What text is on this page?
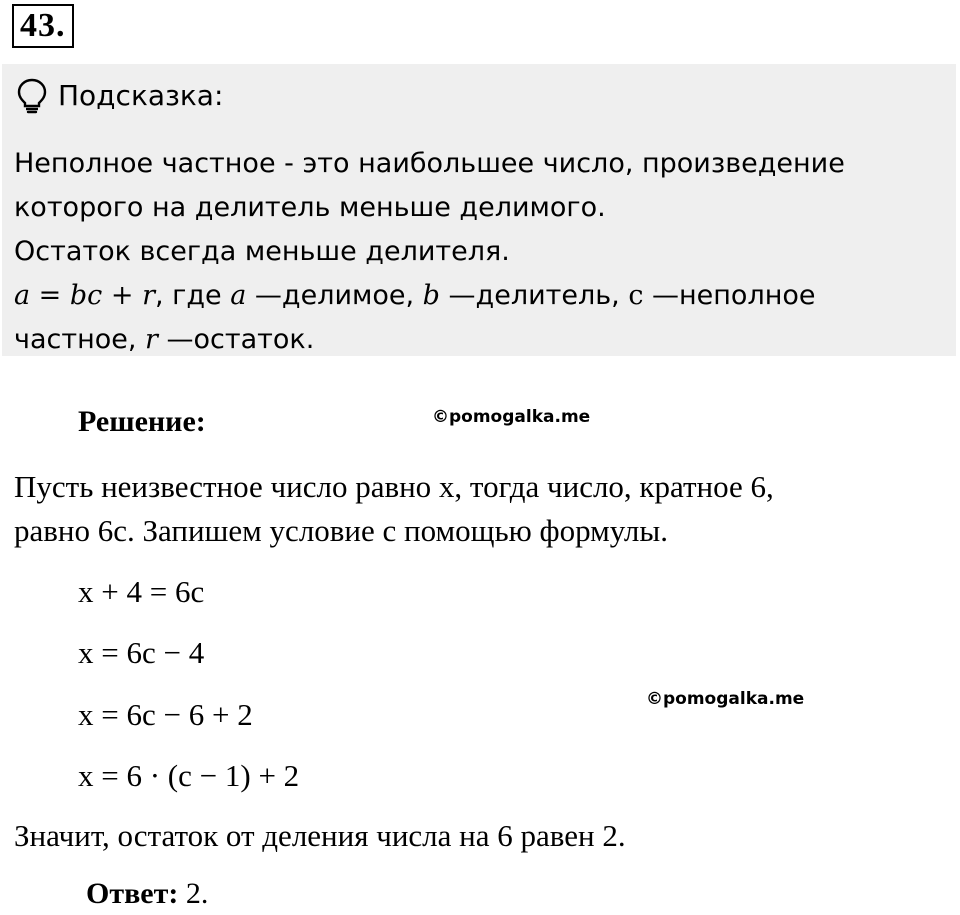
43.
Подсказка:
Неполное частное - это наибольшее число, произведение
которого на делитель меньше делимого.
Остаток всегда меньше делителя.
a = bc + r, где a —делимое, b —делитель, c —неполное
частное, r —остаток.
Решение:	©pomogalka.me
Пусть неизвестное число равно x, тогда число, кратное 6,
равно 6c. Запишем условие с помощью формулы.
x + 4 = 6c
x = 6c − 4
x = 6c − 6 + 2	©pomogalka.me
x = 6 · (c − 1) + 2
Значит, остаток от деления числа на 6 равен 2.
Ответ: 2.
